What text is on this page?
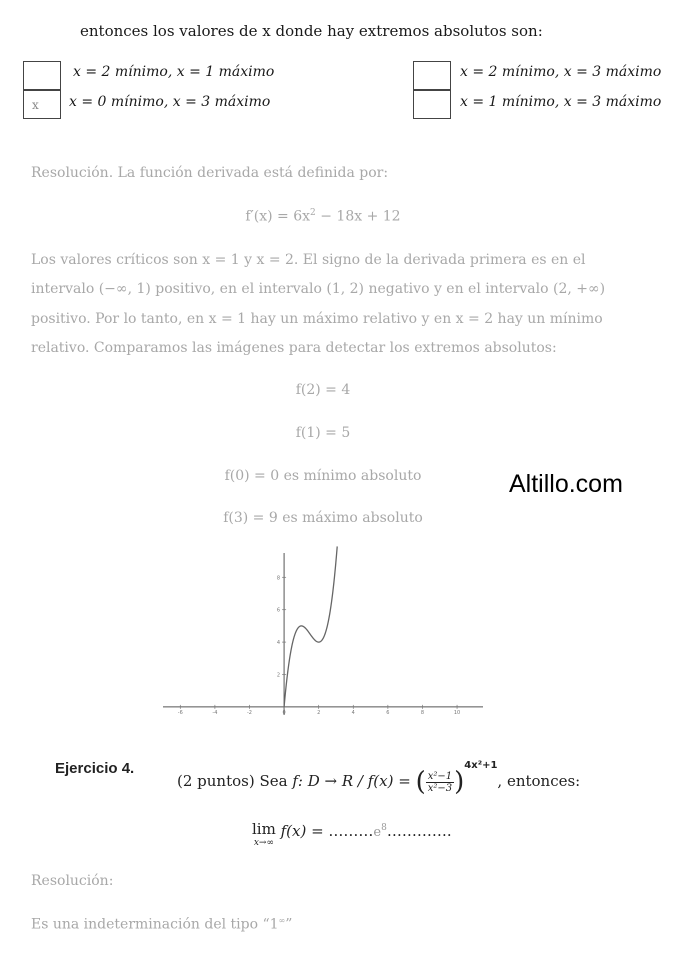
entonces los valores de x donde hay extremos absolutos son:
x = 2 mínimo, x = 1 máximo
x	x = 0 mínimo, x = 3 máximo
x = 2 mínimo, x = 3 máximo
x = 1 mínimo, x = 3 máximo
Resolución. La función derivada está definida por:
$f'(x) = 6x^2 - 18x + 12$
Los valores críticos son x = 1 y x = 2. El signo de la derivada primera es en el intervalo (−∞, 1) positivo, en el intervalo (1, 2) negativo y en el intervalo (2, +∞) positivo. Por lo tanto, en x = 1 hay un máximo relativo y en x = 2 hay un mínimo relativo. Comparamos las imágenes para detectar los extremos absolutos:
f(2) = 4
f(1) = 5
f(0) = 0 es mínimo absoluto
f(3) = 9 es máximo absoluto
Altillo.com
-6	-4	-2	0	2	4	6	8	10
2
4
6
8
Ejercicio 4.
(2 puntos) Sea f: D → R / f(x) = ( $\frac{\text{x²−1}}{\text{x²−3}} )^{4x^2+1}$, entonces:
lim
x→∞
$f(x) = \dots\dots\dots e^8\dots\dots\dots\dots$.
Resolución:
Es una indeterminación del tipo “1∞”
